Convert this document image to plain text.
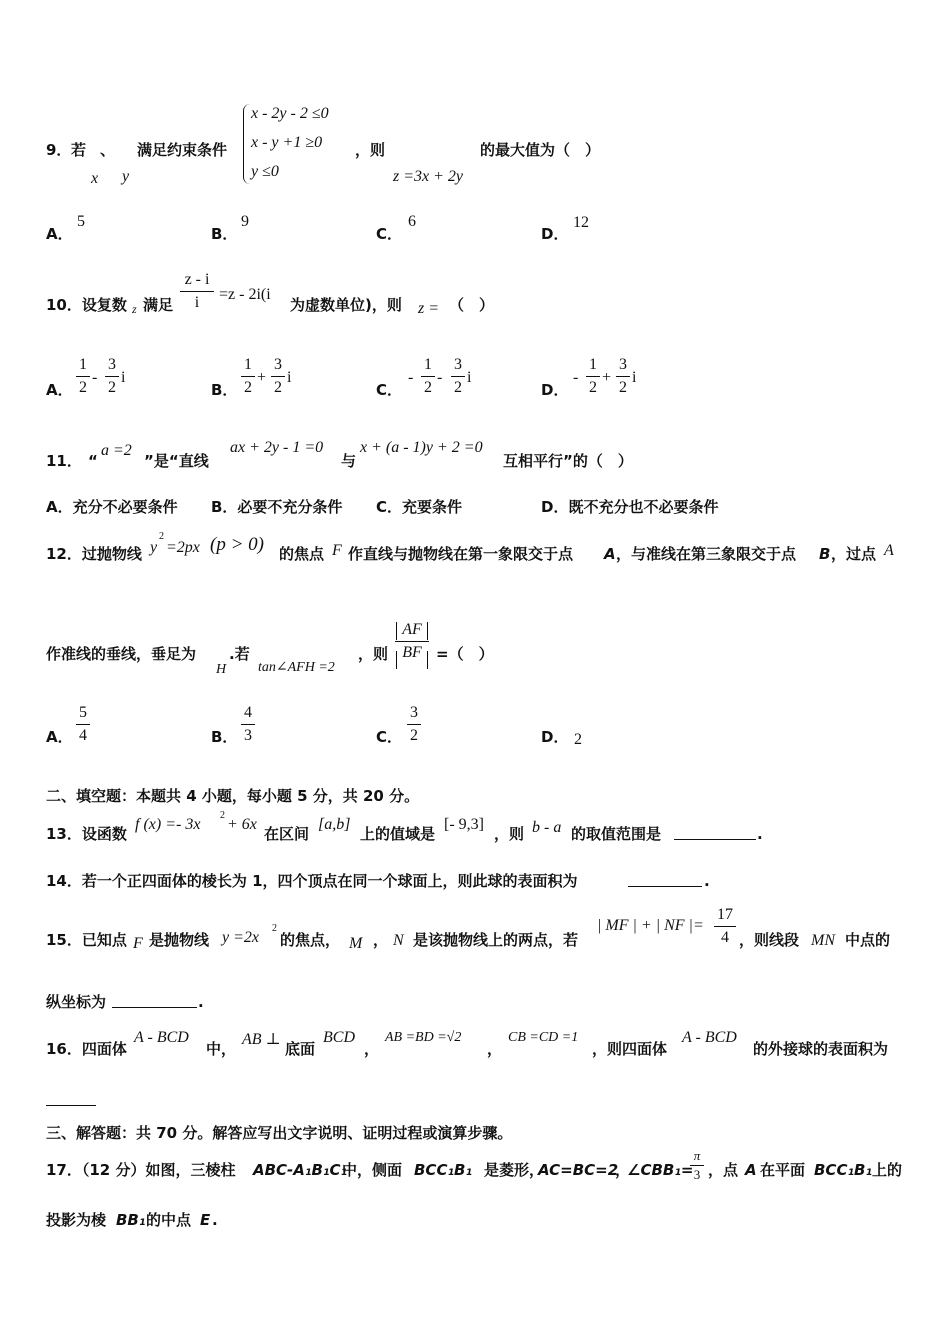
9． 若 、 满足约束条件
x y
x - 2y - 2 ≤0
x - y +1 ≥0
y ≤0
，则
z =3x + 2y
的最大值为（　）
A．
5
B．
9
C．
6
D．
12
10．设复数 z 满足
z - i
i	=z - 2i(i
为虚数单位)，则 z = （　）
A．
1
2
-
3
2
i
B．
1
2
+
3
2
i
C．
-
1
2
-
3
2
i
D．
-
1
2
+
3
2
i
11． “
a =2
”是“直线
ax + 2y - 1 =0
与
x + (a - 1)y + 2 =0
互相平行”的（　）
A．充分不必要条件 B．必要不充分条件 C．充要条件	D．既不充分也不必要条件
12．过抛物线 y
2
=2px (p > 0) 的焦点 F 作直线与抛物线在第一象限交于点 A ，与准线在第三象限交于点 B ，过点 A
作准线的垂线，垂足为
H
.若
tan∠AFH =2
，则
AF
BF =（　）
A．
5
4	B．
4
3	C．
3
2	D． 2
二、填空题：本题共 4 小题，每小题 5 分，共 20 分。
13．设函数
f (x) =- 3x
2
+ 6x
在区间
[a,b]
上的值域是
[- 9,3]
，则 b - a 的取值范围是	.
14．若一个正四面体的棱长为 1，四个顶点在同一个球面上，则此球的表面积为	.
15．已知点 F 是抛物线 y =2x
2
的焦点， M ， N 是该抛物线上的两点，若
| MF | + | NF |=
17
4 ，则线段 MN 中点的
纵坐标为	.
16．四面体
A - BCD
中，
AB ⊥
底面
BCD
，
AB =BD =√2
，
CB =CD =1
，则四面体
A - BCD
的外接球的表面积为
三、解答题：共 70 分。解答应写出文字说明、证明过程或演算步骤。
17．（12 分）如图，三棱柱 ABC-A₁B₁C₁
中，侧面 BCC₁B₁ 是菱形，
AC=BC=2
，
∠CBB₁=
π
3 ，点 A 在平面 BCC₁B₁ 上的
投影为棱 BB₁ 的中点 E .
